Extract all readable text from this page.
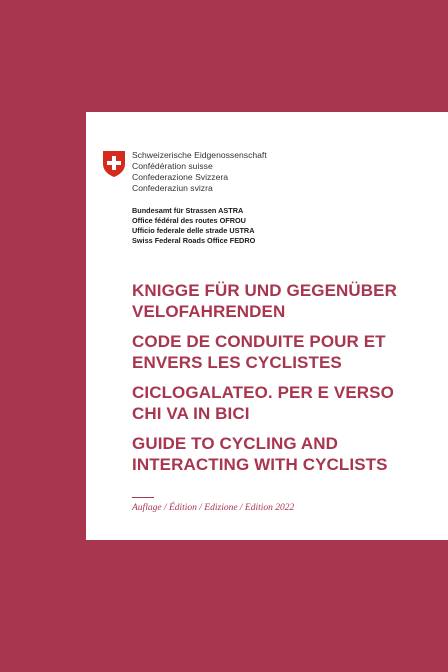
Schweizerische Eidgenossenschaft
Confédération suisse
Confederazione Svizzera
Confederaziun svizra
Bundesamt für Strassen ASTRA
Office fédéral des routes OFROU
Ufficio federale delle strade USTRA
Swiss Federal Roads Office FEDRO
KNIGGE FÜR UND GEGENÜBER
VELOFAHRENDEN
CODE DE CONDUITE POUR ET
ENVERS LES CYCLISTES
CICLOGALATEO. PER E VERSO
CHI VA IN BICI
GUIDE TO CYCLING AND
INTERACTING WITH CYCLISTS
Auflage / Édition / Edizione / Edition 2022
